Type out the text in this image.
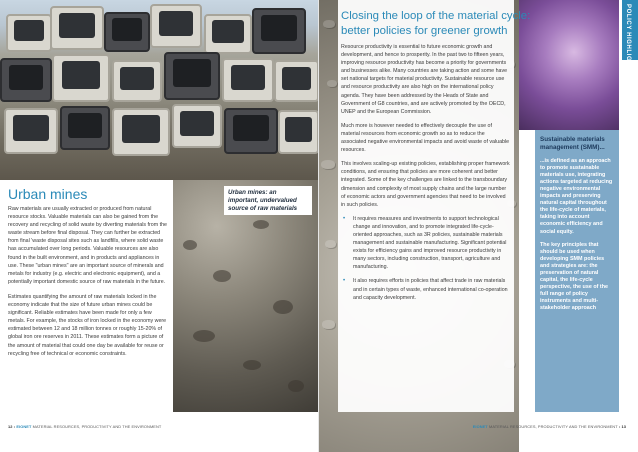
Urban mines

Raw materials are usually extracted or produced from natural resource stocks. Valuable materials can also be gained from the recovery and recycling of solid waste by diverting materials from the waste stream before final disposal. They can further be extracted from final 'waste disposal sites such as landfills, where solid waste has accumulated over long periods. Valuable resources are also found in the built environment, and in products and appliances in use. These "urban mines" are an important source of minerals and metals for industry (e.g. electric and electronic equipment), and a potentially important domestic source of raw materials in the future.

Estimates quantifying the amount of raw materials locked in the economy indicate that the size of future urban mines could be significant. Reliable estimates have been made for only a few metals. For example, the stocks of iron locked in the economy were estimated between 12 and 18 million tonnes or roughly 15-20% of global iron ore reserves in 2011. These estimates form a picture of the amount of material that could one day be available for reuse or recycling free of technical or economic constraints.

Urban mines: an important, undervalued source of raw materials
12 • EIONET MATERIAL RESOURCES, PRODUCTIVITY AND THE ENVIRONMENT
Closing the loop of the material cycle: better policies for greener growth

Resource productivity is essential to future economic growth and development, and hence to prosperity. In the past two to fifteen years, improving resource productivity has become a priority for governments and businesses alike. Many countries are taking action and some have set national targets for material productivity. Sustainable resource use and resource productivity are also high on the international policy agenda. They have been addressed by the Heads of State and Government of G8 countries, and are actively promoted by the OECD, UNEP and the European Commission.

Much more is however needed to effectively decouple the use of material resources from economic growth so as to reduce the associated negative environmental impacts and avoid waste of valuable resources.

This involves scaling-up existing policies, establishing proper framework conditions, and ensuring that policies are more coherent and better integrated. Some of the key challenges are linked to the transboundary dimension and complexity of most supply chains and the large number of economic actors and government agencies that need to be involved in such policies.

• It requires measures and investments to support technological change and innovation, and to promote integrated life-cycle-oriented approaches, such as 3R policies, sustainable materials management and sustainable manufacturing. Significant potential exists for efficiency gains and improved resource productivity in many sectors, including construction, transport, agriculture and manufacturing.
• It also requires efforts in policies that affect trade in raw materials and in certain types of waste, enhanced international co-operation and capacity development.
Sustainable materials management (SMM)...
...is defined as an approach to promote sustainable materials use, integrating actions targeted at reducing negative environmental impacts and preserving natural capital throughout the life-cycle of materials, taking into account economic efficiency and social equity.
The key principles that should be used when developing SMM policies and strategies are: the preservation of natural capital, the life-cycle perspective, the use of the full range of policy instruments and multi-stakeholder approach
POLICY HIGHLIGHTS
EIONET MATERIAL RESOURCES, PRODUCTIVITY AND THE ENVIRONMENT • 13
